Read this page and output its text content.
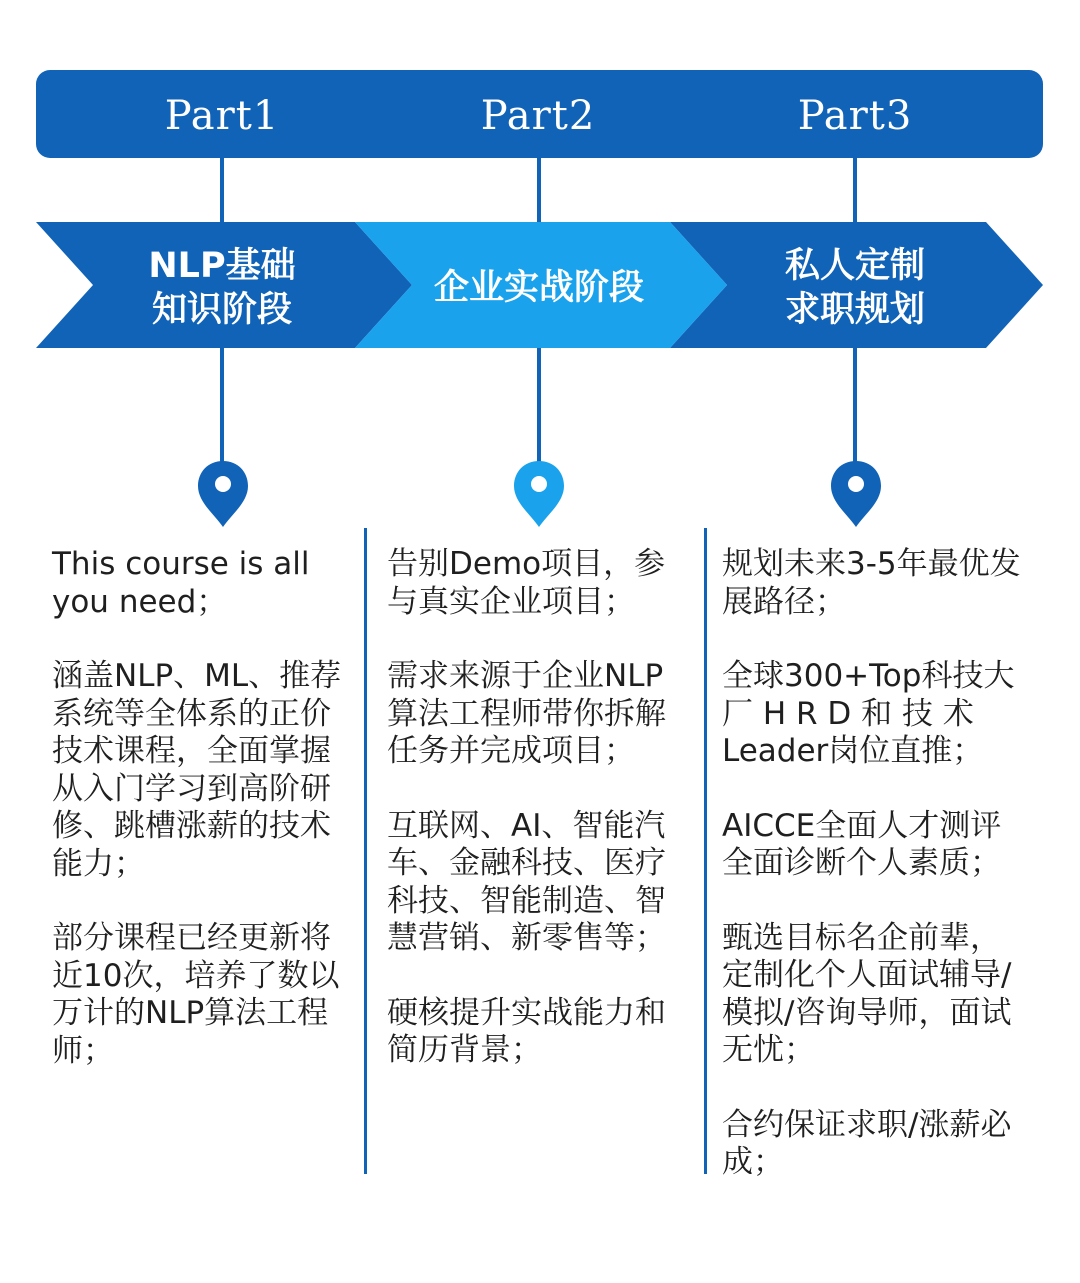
Part1	Part2	Part3
NLP基础
知识阶段
企业实战阶段
私人定制
求职规划

This course is all you need；

涵盖NLP、ML、推荐系统等全体系的正价技术课程，全面掌握从入门学习到高阶研修、跳槽涨薪的技术能力；

部分课程已经更新将近10次，培养了数以万计的NLP算法工程师；

告别Demo项目，参与真实企业项目；

需求来源于企业NLP算法工程师带你拆解任务并完成项目；

互联网、AI、智能汽车、金融科技、医疗科技、智能制造、智慧营销、新零售等；

硬核提升实战能力和简历背景；

规划未来3-5年最优发展路径；

全球300+Top科技大厂 H R D 和 技 术Leader岗位直推；

AICCE全面人才测评全面诊断个人素质；

甄选目标名企前辈，定制化个人面试辅导/模拟/咨询导师，面试无忧；

合约保证求职/涨薪必成；
